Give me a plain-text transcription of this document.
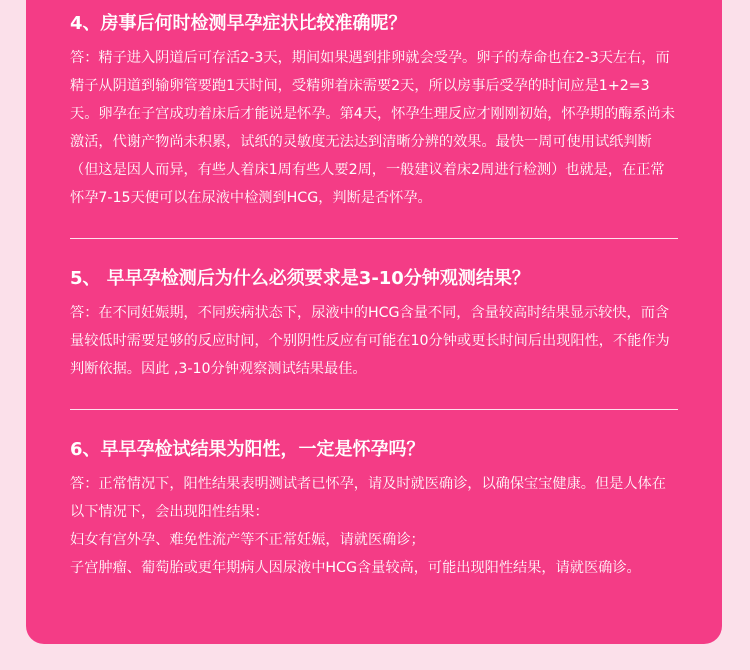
4、房事后何时检测早孕症状比较准确呢？

答：精子进入阴道后可存活2-3天，期间如果遇到排卵就会受孕。卵子的寿命也在2-3天左右，而精子从阴道到输卵管要跑1天时间，受精卵着床需要2天，所以房事后受孕的时间应是1+2=3天。卵孕在子宫成功着床后才能说是怀孕。第4天，怀孕生理反应才刚刚初始，怀孕期的酶系尚未激活，代谢产物尚未积累，试纸的灵敏度无法达到清晰分辨的效果。最快一周可使用试纸判断（但这是因人而异，有些人着床1周有些人要2周，一般建议着床2周进行检测）也就是，在正常怀孕7-15天便可以在尿液中检测到HCG，判断是否怀孕。

5、 早早孕检测后为什么必须要求是3-10分钟观测结果？

答：在不同妊娠期，不同疾病状态下，尿液中的HCG含量不同，含量较高时结果显示较快，而含量较低时需要足够的反应时间，个别阴性反应有可能在10分钟或更长时间后出现阳性，不能作为判断依据。因此 ,3-10分钟观察测试结果最佳。

6、早早孕检试结果为阳性，一定是怀孕吗？

答：正常情况下，阳性结果表明测试者已怀孕，请及时就医确诊，以确保宝宝健康。但是人体在以下情况下，会出现阳性结果：

妇女有宫外孕、难免性流产等不正常妊娠，请就医确诊；

子宫肿瘤、葡萄胎或更年期病人因尿液中HCG含量较高，可能出现阳性结果，请就医确诊。
